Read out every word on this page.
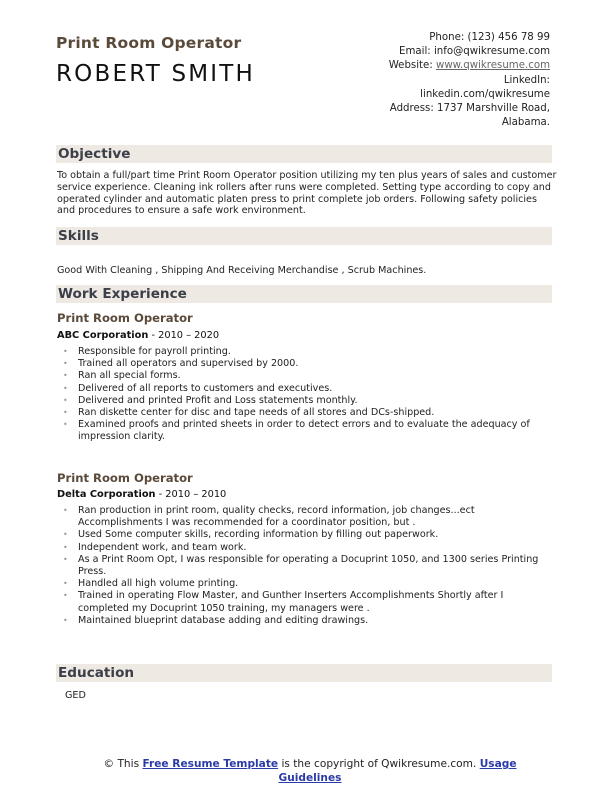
Print Room Operator
ROBERT SMITH
Phone: (123) 456 78 99
Email: info@qwikresume.com
Website: www.qwikresume.com
LinkedIn:
linkedin.com/qwikresume
Address: 1737 Marshville Road,
Alabama.
Objective
To obtain a full/part time Print Room Operator position utilizing my ten plus years of sales and customer service experience. Cleaning ink rollers after runs were completed. Setting type according to copy and operated cylinder and automatic platen press to print complete job orders. Following safety policies and procedures to ensure a safe work environment.
Skills
Good With Cleaning , Shipping And Receiving Merchandise , Scrub Machines.
Work Experience
Print Room Operator
ABC Corporation - 2010 – 2020
• Responsible for payroll printing.
• Trained all operators and supervised by 2000.
• Ran all special forms.
• Delivered of all reports to customers and executives.
• Delivered and printed Profit and Loss statements monthly.
• Ran diskette center for disc and tape needs of all stores and DCs-shipped.
• Examined proofs and printed sheets in order to detect errors and to evaluate the adequacy of impression clarity.
Print Room Operator
Delta Corporation - 2010 – 2010
• Ran production in print room, quality checks, record information, job changes...ect Accomplishments I was recommended for a coordinator position, but .
• Used Some computer skills, recording information by filling out paperwork.
• Independent work, and team work.
• As a Print Room Opt, I was responsible for operating a Docuprint 1050, and 1300 series Printing Press.
• Handled all high volume printing.
• Trained in operating Flow Master, and Gunther Inserters Accomplishments Shortly after I completed my Docuprint 1050 training, my managers were .
• Maintained blueprint database adding and editing drawings.
Education
GED
© This Free Resume Template is the copyright of Qwikresume.com. Usage Guidelines
